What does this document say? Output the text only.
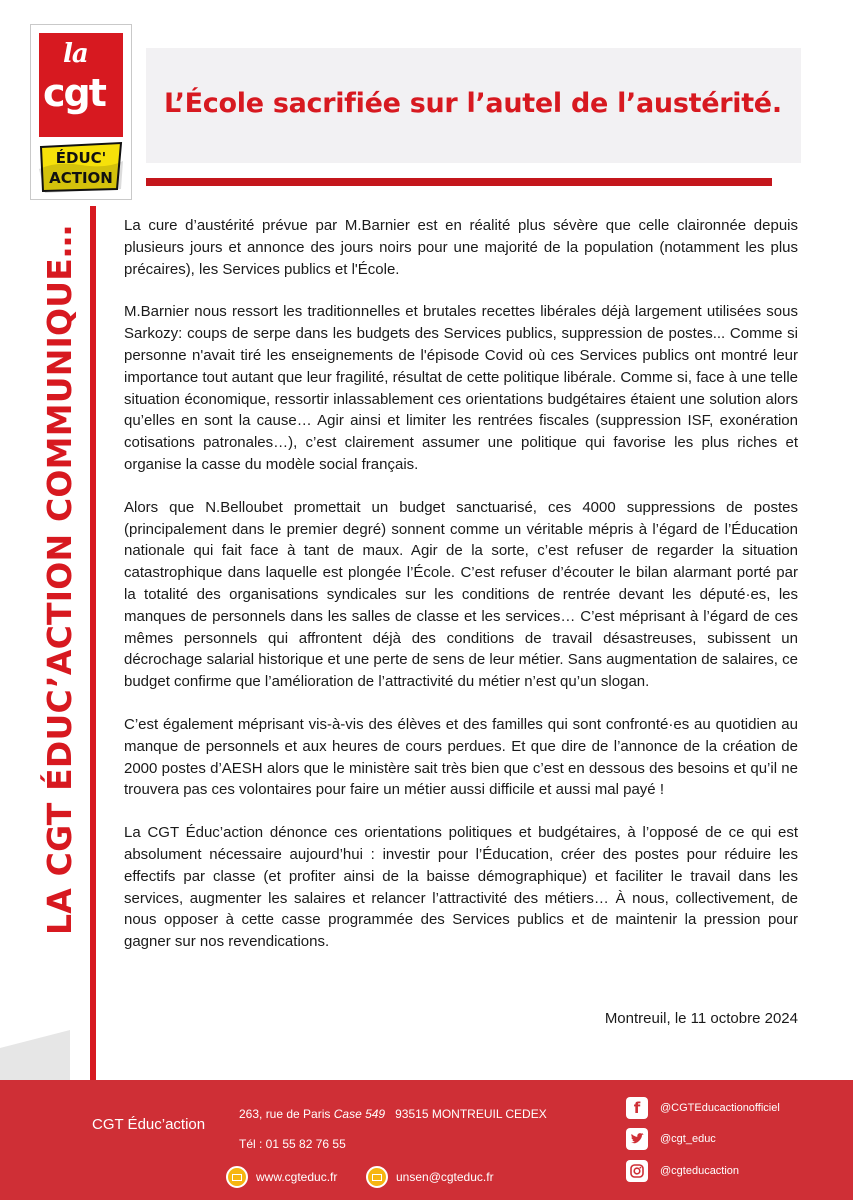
la
cgt
ÉDUC'
ACTION
L’École sacrifiée sur l’autel de l’austérité.
LA CGT ÉDUC’ACTION COMMUNIQUE…	La cure d’austérité prévue par M.Barnier est en réalité plus sévère que celle claironnée depuis plusieurs jours et annonce des jours noirs pour une majorité de la population (notamment les plus précaires), les Services publics et l'École.

M.Barnier nous ressort les traditionnelles et brutales recettes libérales déjà largement utilisées sous Sarkozy: coups de serpe dans les budgets des Services publics, suppression de postes... Comme si personne n'avait tiré les enseignements de l'épisode Covid où ces Services publics ont montré leur importance tout autant que leur fragilité, résultat de cette politique libérale. Comme si, face à une telle situation économique, ressortir inlassablement ces orientations budgétaires étaient une solution alors qu’elles en sont la cause… Agir ainsi et limiter les rentrées fiscales (suppression ISF, exonération cotisations patronales…), c’est clairement assumer une politique qui favorise les plus riches et organise la casse du modèle social français.

Alors que N.Belloubet promettait un budget sanctuarisé, ces 4000 suppressions de postes (principalement dans le premier degré) sonnent comme un véritable mépris à l’égard de l’Éducation nationale qui fait face à tant de maux. Agir de la sorte, c’est refuser de regarder la situation catastrophique dans laquelle est plongée l’École. C’est refuser d’écouter le bilan alarmant porté par la totalité des organisations syndicales sur les conditions de rentrée devant les député·es, les manques de personnels dans les salles de classe et les services… C’est méprisant à l’égard de ces mêmes personnels qui affrontent déjà des conditions de travail désastreuses, subissent un décrochage salarial historique et une perte de sens de leur métier. Sans augmentation de salaires, ce budget confirme que l’amélioration de l’attractivité du métier n’est qu’un slogan.

C’est également méprisant vis-à-vis des élèves et des familles qui sont confronté·es au quotidien au manque de personnels et aux heures de cours perdues. Et que dire de l’annonce de la création de 2000 postes d’AESH alors que le ministère sait très bien que c’est en dessous des besoins et qu’il ne trouvera pas ces volontaires pour faire un métier aussi difficile et aussi mal payé !

La CGT Éduc’action dénonce ces orientations politiques et budgétaires, à l’opposé de ce qui est absolument nécessaire aujourd’hui : investir pour l’Éducation, créer des postes pour réduire les effectifs par classe (et profiter ainsi de la baisse démographique) et faciliter le travail dans les services, augmenter les salaires et relancer l’attractivité des métiers… À nous, collectivement, de nous opposer à cette casse programmée des Services publics et de maintenir la pression pour gagner sur nos revendications.

Montreuil, le 11 octobre 2024
CGT Éduc’action
263, rue de Paris Case 549 93515 MONTREUIL CEDEX
Tél : 01 55 82 76 55
www.cgteduc.fr	unsen@cgteduc.fr
f	@CGTEducactionofficiel
@cgt_educ
@cgteducaction
